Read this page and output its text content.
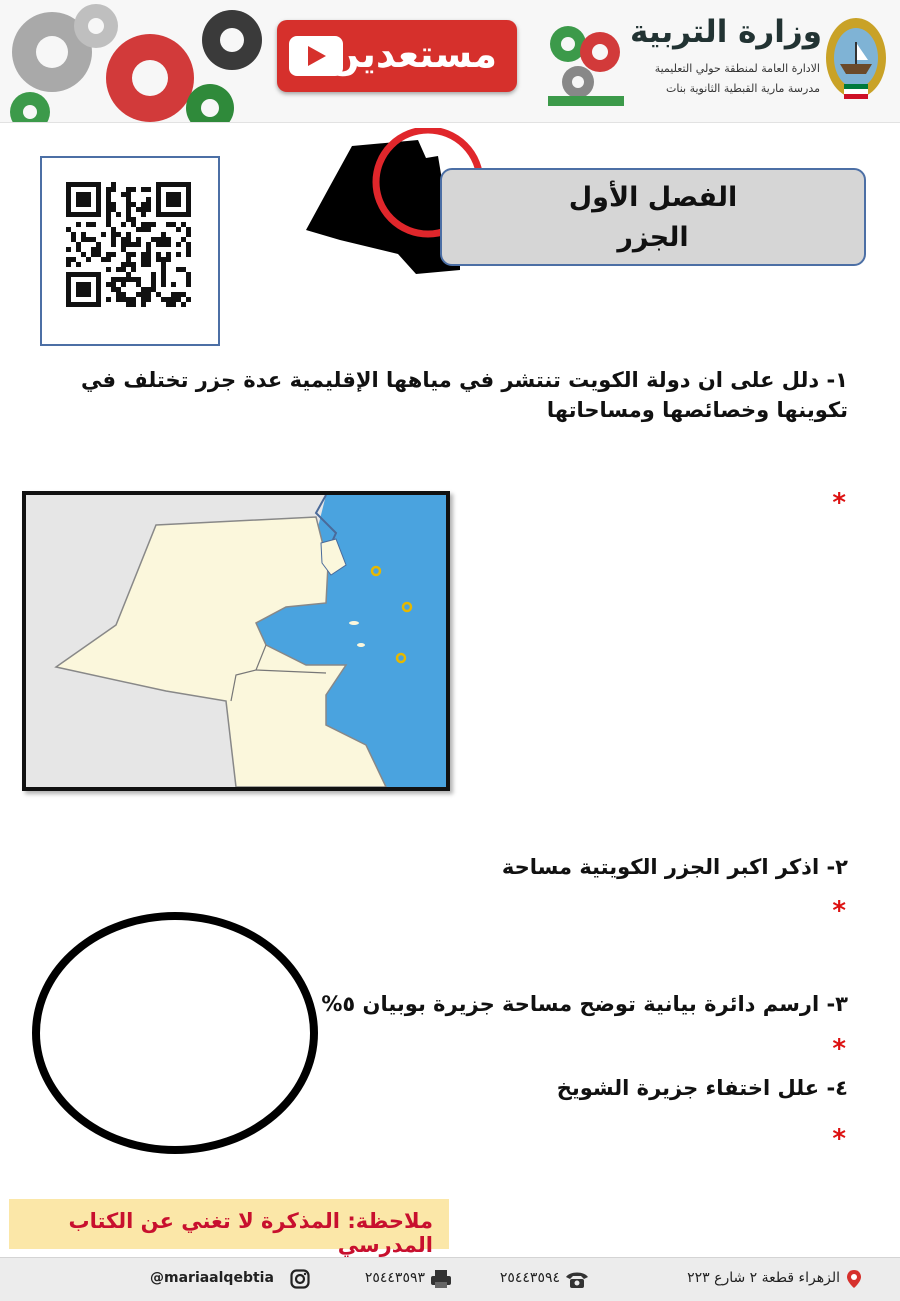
مستعدين	وزارة التربية
الادارة العامة لمنطقة حولي التعليمية
مدرسة مارية القبطية الثانوية بنات
الفصل الأول
الجزر
١- دلل على ان دولة الكويت تنتشر في مياهها الإقليمية عدة جزر تختلف في تكوينها وخصائصها ومساحاتها
*
٢- اذكر اكبر الجزر الكويتية مساحة
*
٣- ارسم دائرة بيانية توضح مساحة جزيرة بوبيان ٥%
*
٤- علل اختفاء جزيرة الشويخ
*
ملاحظة: المذكرة لا تغني عن الكتاب المدرسي
الزهراء قطعة ٢ شارع ٢٢٣
٢٥٤٤٣٥٩٤
٢٥٤٤٣٥٩٣
@mariaalqebtia
